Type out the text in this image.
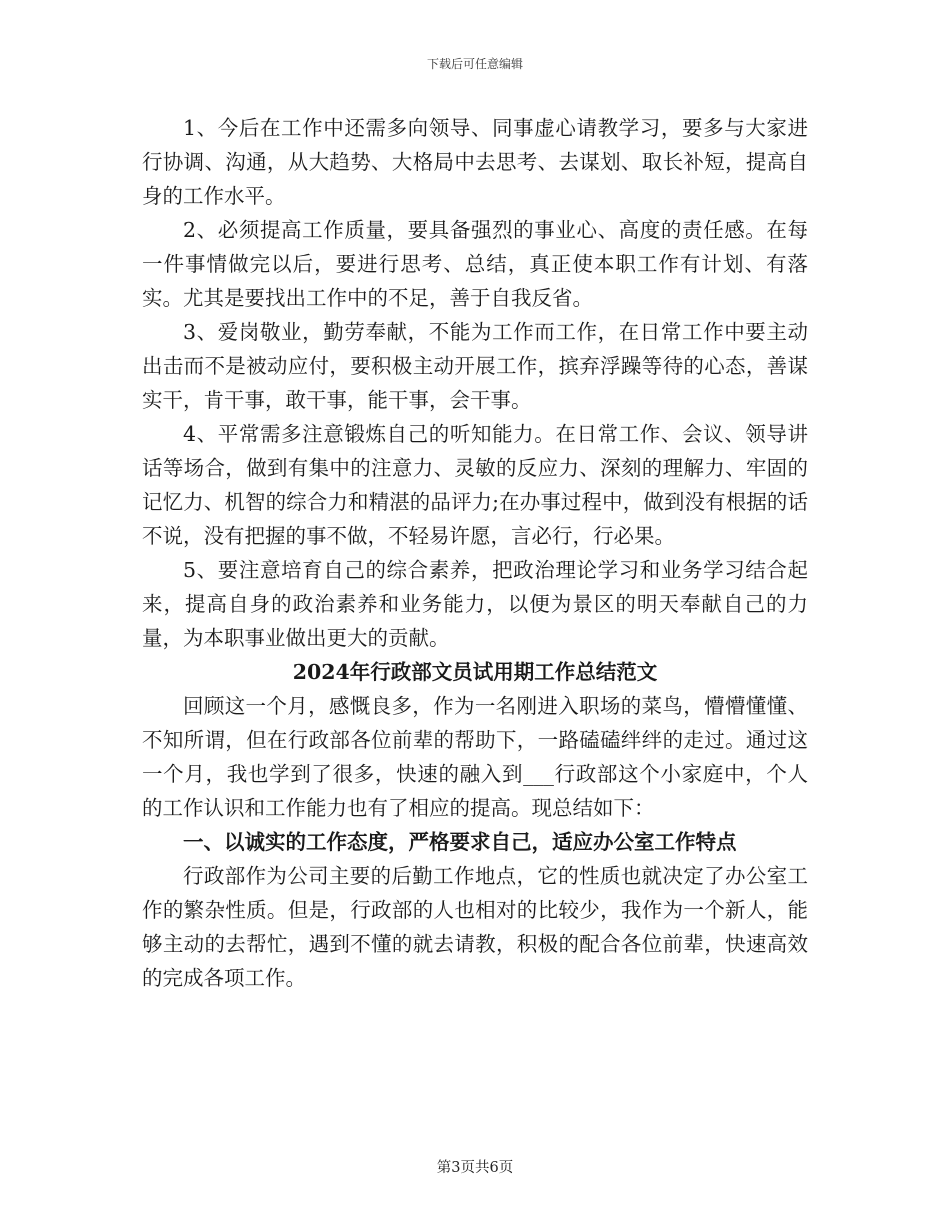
下载后可任意编辑

1、今后在工作中还需多向领导、同事虚心请教学习，要多与大家进行协调、沟通，从大趋势、大格局中去思考、去谋划、取长补短，提高自身的工作水平。

2、必须提高工作质量，要具备强烈的事业心、高度的责任感。在每一件事情做完以后，要进行思考、总结，真正使本职工作有计划、有落实。尤其是要找出工作中的不足，善于自我反省。

3、爱岗敬业，勤劳奉献，不能为工作而工作，在日常工作中要主动出击而不是被动应付，要积极主动开展工作，摈弃浮躁等待的心态，善谋实干，肯干事，敢干事，能干事，会干事。

4、平常需多注意锻炼自己的听知能力。在日常工作、会议、领导讲话等场合，做到有集中的注意力、灵敏的反应力、深刻的理解力、牢固的记忆力、机智的综合力和精湛的品评力;在办事过程中，做到没有根据的话不说，没有把握的事不做，不轻易许愿，言必行，行必果。

5、要注意培育自己的综合素养，把政治理论学习和业务学习结合起来，提高自身的政治素养和业务能力，以便为景区的明天奉献自己的力量，为本职事业做出更大的贡献。

2024年行政部文员试用期工作总结范文

回顾这一个月，感慨良多，作为一名刚进入职场的菜鸟，懵懵懂懂、不知所谓，但在行政部各位前辈的帮助下，一路磕磕绊绊的走过。通过这一个月，我也学到了很多，快速的融入到___行政部这个小家庭中，个人的工作认识和工作能力也有了相应的提高。现总结如下：

一、以诚实的工作态度，严格要求自己，适应办公室工作特点

行政部作为公司主要的后勤工作地点，它的性质也就决定了办公室工作的繁杂性质。但是，行政部的人也相对的比较少，我作为一个新人，能够主动的去帮忙，遇到不懂的就去请教，积极的配合各位前辈，快速高效的完成各项工作。

第3页共6页
